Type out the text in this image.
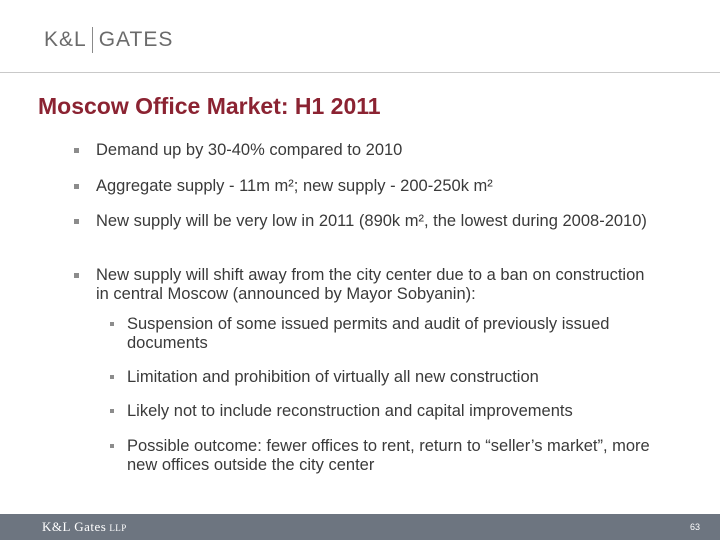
K&L GATES
Moscow Office Market: H1 2011
Demand up by 30-40% compared to 2010
Aggregate supply - 11m m²; new supply - 200-250k m²
New supply will be very low in 2011 (890k m², the lowest during 2008-2010)
New supply will shift away from the city center due to a ban on construction in central Moscow (announced by Mayor Sobyanin):
Suspension of some issued permits and audit of previously issued documents
Limitation and prohibition of virtually all new construction
Likely not to include reconstruction and capital improvements
Possible outcome: fewer offices to rent, return to “seller’s market”, more new offices outside the city center
K&L Gates LLP	63
